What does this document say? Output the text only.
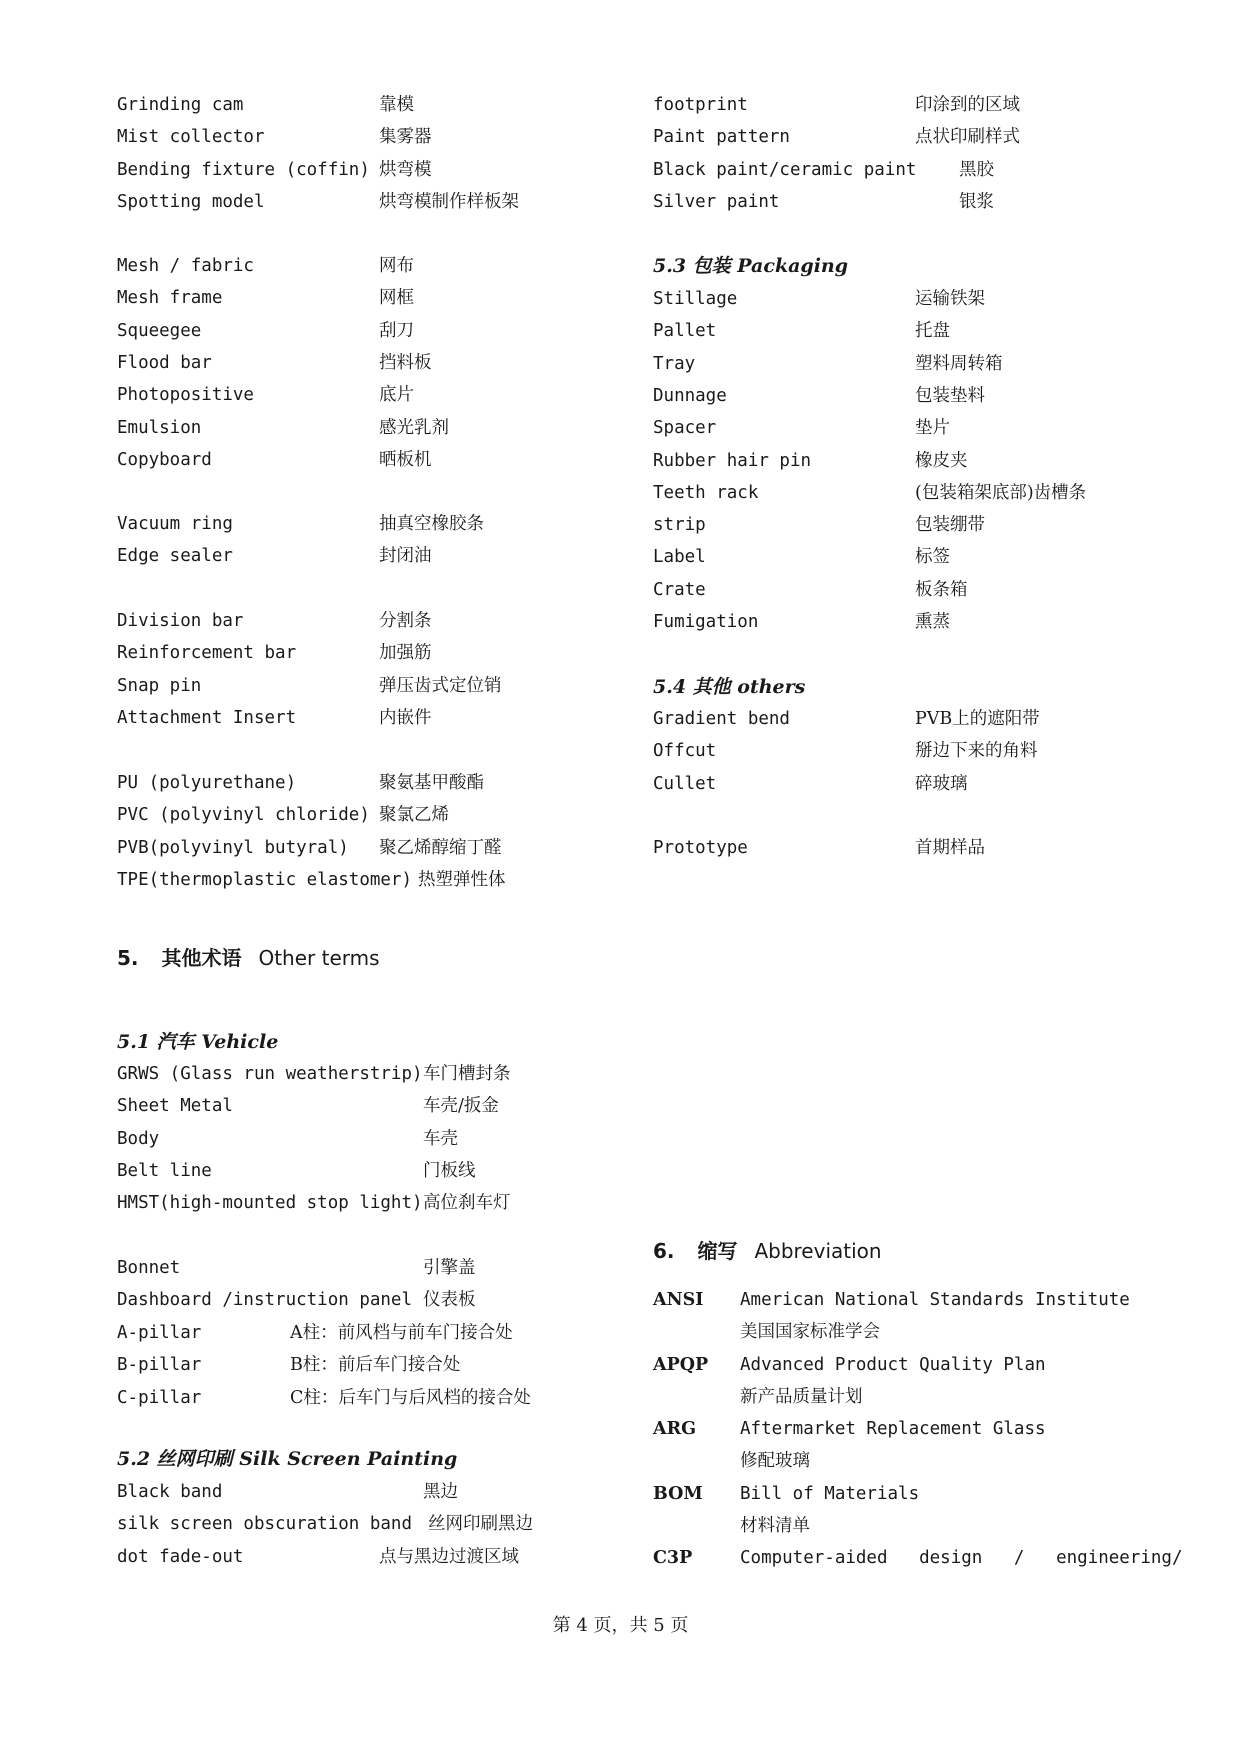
Grinding cam	靠模
Mist collector	集雾器
Bending fixture (coffin) 烘弯模
Spotting model	烘弯模制作样板架
Mesh / fabric	网布
Mesh frame	网框
Squeegee	刮刀
Flood bar	挡料板
Photopositive	底片
Emulsion	感光乳剂
Copyboard	晒板机
Vacuum ring	抽真空橡胶条
Edge sealer	封闭油
Division bar	分割条
Reinforcement bar	加强筋
Snap pin	弹压齿式定位销
Attachment Insert	内嵌件
PU (polyurethane)	聚氨基甲酸酯
PVC (polyvinyl chloride) 聚氯乙烯
PVB(polyvinyl butyral) 聚乙烯醇缩丁醛
TPE(thermoplastic elastomer) 热塑弹性体
5. 其他术语 Other terms
5.1 汽车 Vehicle
GRWS (Glass run weatherstrip) 车门槽封条
Sheet Metal	车壳/扳金
Body	车壳
Belt line	门板线
HMST(high-mounted stop light) 高位刹车灯
Bonnet	引擎盖
Dashboard /instruction panel 仪表板
A-pillar	A柱：前风档与前车门接合处
B-pillar	B柱：前后车门接合处
C-pillar	C柱：后车门与后风档的接合处
5.2 丝网印刷 Silk Screen Painting
Black band	黑边
silk screen obscuration band 丝网印刷黑边
dot fade-out	点与黑边过渡区域
footprint	印涂到的区域
Paint pattern	点状印刷样式
Black paint/ceramic paint 黑胶
Silver paint	银浆
5.3 包装 Packaging
Stillage	运输铁架
Pallet	托盘
Tray	塑料周转箱
Dunnage	包装垫料
Spacer	垫片
Rubber hair pin	橡皮夹
Teeth rack	(包装箱架底部)齿槽条
strip	包装绷带
Label	标签
Crate	板条箱
Fumigation	熏蒸
5.4 其他 others
Gradient bend	PVB上的遮阳带
Offcut	掰边下来的角料
Cullet	碎玻璃
Prototype	首期样品
6. 缩写 Abbreviation
ANSI American National Standards Institute
美国国家标准学会
APQP Advanced Product Quality Plan
新产品质量计划
ARG	Aftermarket Replacement Glass
修配玻璃
BOM Bill of Materials
材料清单
C3P	Computer-aided   design   /   engineering/
第 4 页，共 5 页
